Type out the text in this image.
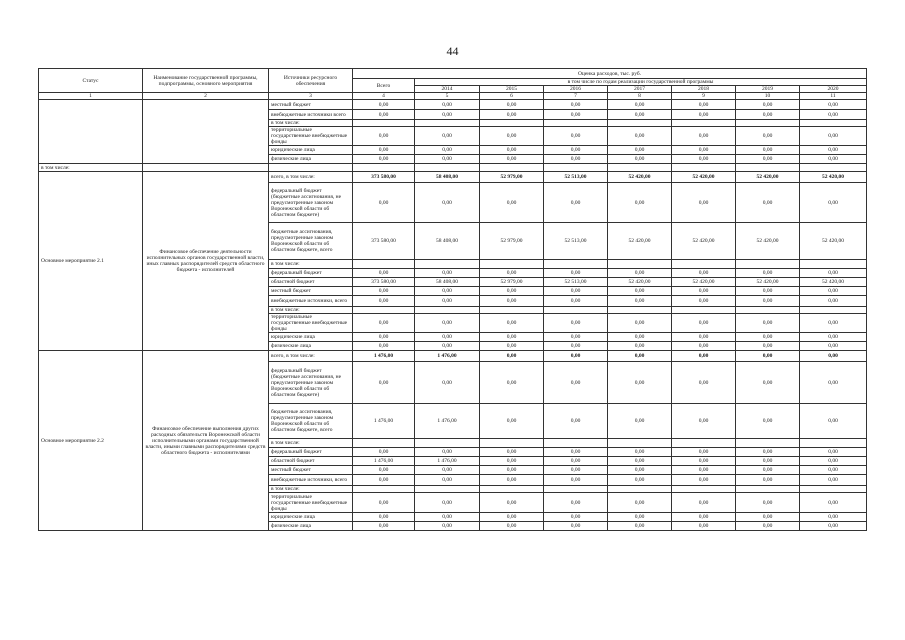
44
Статус	Наименование государственной программы, подпрограммы, основного мероприятия	Источники ресурсного обеспечения	Оценка расходов, тыс. руб.							
			Всего	в том числе по годам реализации государственной программы						
				2014	2015	2016	2017	2018	2019	2020
1	2	3	4	5	6	7	8	9	10	11
		местный бюджет	0,00	0,00	0,00	0,00	0,00	0,00	0,00	0,00
		внебюджетные источники всего	0,00	0,00	0,00	0,00	0,00	0,00	0,00	0,00
		в том числе:								
		территориальные государственные внебюджетные фонды	0,00	0,00	0,00	0,00	0,00	0,00	0,00	0,00
		юридические лица	0,00	0,00	0,00	0,00	0,00	0,00	0,00	0,00
		физические лица	0,00	0,00	0,00	0,00	0,00	0,00	0,00	0,00
в том числе:										
Основное мероприятие 2.1	Финансовое обеспечение деятельности исполнительных органов государственной власти, иных главных распорядителей средств областного бюджета - исполнителей	всего, в том числе:	373 580,00	58 408,00	52 979,00	52 513,00	52 420,00	52 420,00	52 420,00	52 420,00
		федеральный бюджет (бюджетные ассигнования, не предусмотренные законом Воронежской области об областном бюджете)	0,00	0,00	0,00	0,00	0,00	0,00	0,00	0,00
		бюджетные ассигнования, предусмотренные законом Воронежской области об областном бюджете, всего	373 580,00	58 408,00	52 979,00	52 513,00	52 420,00	52 420,00	52 420,00	52 420,00
		в том числе:								
		федеральный бюджет	0,00	0,00	0,00	0,00	0,00	0,00	0,00	0,00
		областной бюджет	373 580,00	58 408,00	52 979,00	52 513,00	52 420,00	52 420,00	52 420,00	52 420,00
		местный бюджет	0,00	0,00	0,00	0,00	0,00	0,00	0,00	0,00
		внебюджетные источники, всего	0,00	0,00	0,00	0,00	0,00	0,00	0,00	0,00
		в том числе:								
		территориальные государственные внебюджетные фонды	0,00	0,00	0,00	0,00	0,00	0,00	0,00	0,00
		юридические лица	0,00	0,00	0,00	0,00	0,00	0,00	0,00	0,00
		физические лица	0,00	0,00	0,00	0,00	0,00	0,00	0,00	0,00
Основное мероприятие 2.2	Финансовое обеспечение выполнения других расходных обязательств Воронежской области исполнительными органами государственной власти, иными главными распорядителями средств областного бюджета - исполнителями	всего, в том числе:	1 476,00	1 476,00	0,00	0,00	0,00	0,00	0,00	0,00
		федеральный бюджет (бюджетные ассигнования, не предусмотренные законом Воронежской области об областном бюджете)	0,00	0,00	0,00	0,00	0,00	0,00	0,00	0,00
		бюджетные ассигнования, предусмотренные законом Воронежской области об областном бюджете, всего	1 476,00	1 476,00	0,00	0,00	0,00	0,00	0,00	0,00
		в том числе:								
		федеральный бюджет	0,00	0,00	0,00	0,00	0,00	0,00	0,00	0,00
		областной бюджет	1 476,00	1 476,00	0,00	0,00	0,00	0,00	0,00	0,00
		местный бюджет	0,00	0,00	0,00	0,00	0,00	0,00	0,00	0,00
		внебюджетные источники, всего	0,00	0,00	0,00	0,00	0,00	0,00	0,00	0,00
		в том числе:								
		территориальные государственные внебюджетные фонды	0,00	0,00	0,00	0,00	0,00	0,00	0,00	0,00
		юридические лица	0,00	0,00	0,00	0,00	0,00	0,00	0,00	0,00
		физические лица	0,00	0,00	0,00	0,00	0,00	0,00	0,00	0,00
